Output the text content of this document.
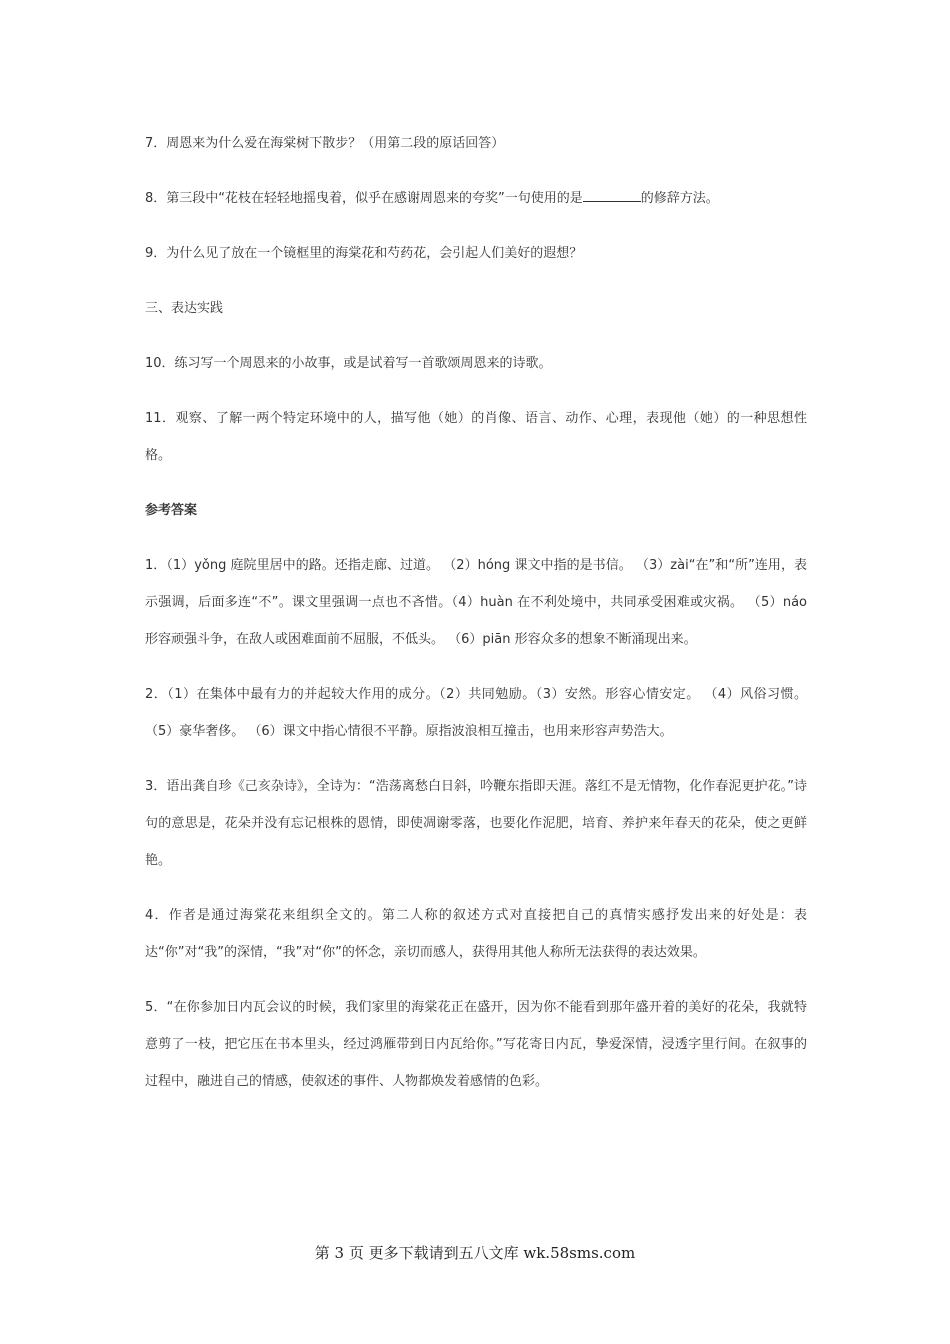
7．周恩来为什么爱在海棠树下散步？（用第二段的原话回答）

8．第三段中“花枝在轻轻地摇曳着，似乎在感谢周恩来的夸奖”一句使用的是	的修辞方法。

9．为什么见了放在一个镜框里的海棠花和芍药花，会引起人们美好的遐想？

三、表达实践

10．练习写一个周恩来的小故事，或是试着写一首歌颂周恩来的诗歌。

11．观察、了解一两个特定环境中的人，描写他（她）的肖像、语言、动作、心理，表现他（她）的一种思想性格。

参考答案

1．（1）yǒng 庭院里居中的路。还指走廊、过道。 （2）hóng 课文中指的是书信。 （3）zài“在”和“所”连用，表示强调，后面多连“不”。课文里强调一点也不吝惜。（4）huàn 在不利处境中，共同承受困难或灾祸。 （5）náo 形容顽强斗争，在敌人或困难面前不屈服，不低头。 （6）piān 形容众多的想象不断涌现出来。

2．（1）在集体中最有力的并起较大作用的成分。（2）共同勉励。（3）安然。形容心情安定。 （4）风俗习惯。 （5）豪华奢侈。 （6）课文中指心情很不平静。原指波浪相互撞击，也用来形容声势浩大。

3．语出龚自珍《己亥杂诗》，全诗为：“浩荡离愁白日斜，吟鞭东指即天涯。落红不是无情物，化作春泥更护花。”诗句的意思是，花朵并没有忘记根株的恩情，即使凋谢零落，也要化作泥肥，培育、养护来年春天的花朵，使之更鲜艳。

4．作者是通过海棠花来组织全文的。第二人称的叙述方式对直接把自己的真情实感抒发出来的好处是：表达“你”对“我”的深情，“我”对“你”的怀念，亲切而感人，获得用其他人称所无法获得的表达效果。

5．“在你参加日内瓦会议的时候，我们家里的海棠花正在盛开，因为你不能看到那年盛开着的美好的花朵，我就特意剪了一枝，把它压在书本里头，经过鸿雁带到日内瓦给你。”写花寄日内瓦，挚爱深情，浸透字里行间。在叙事的过程中，融进自己的情感，使叙述的事件、人物都焕发着感情的色彩。

第 3 页 更多下载请到五八文库 wk.58sms.com
